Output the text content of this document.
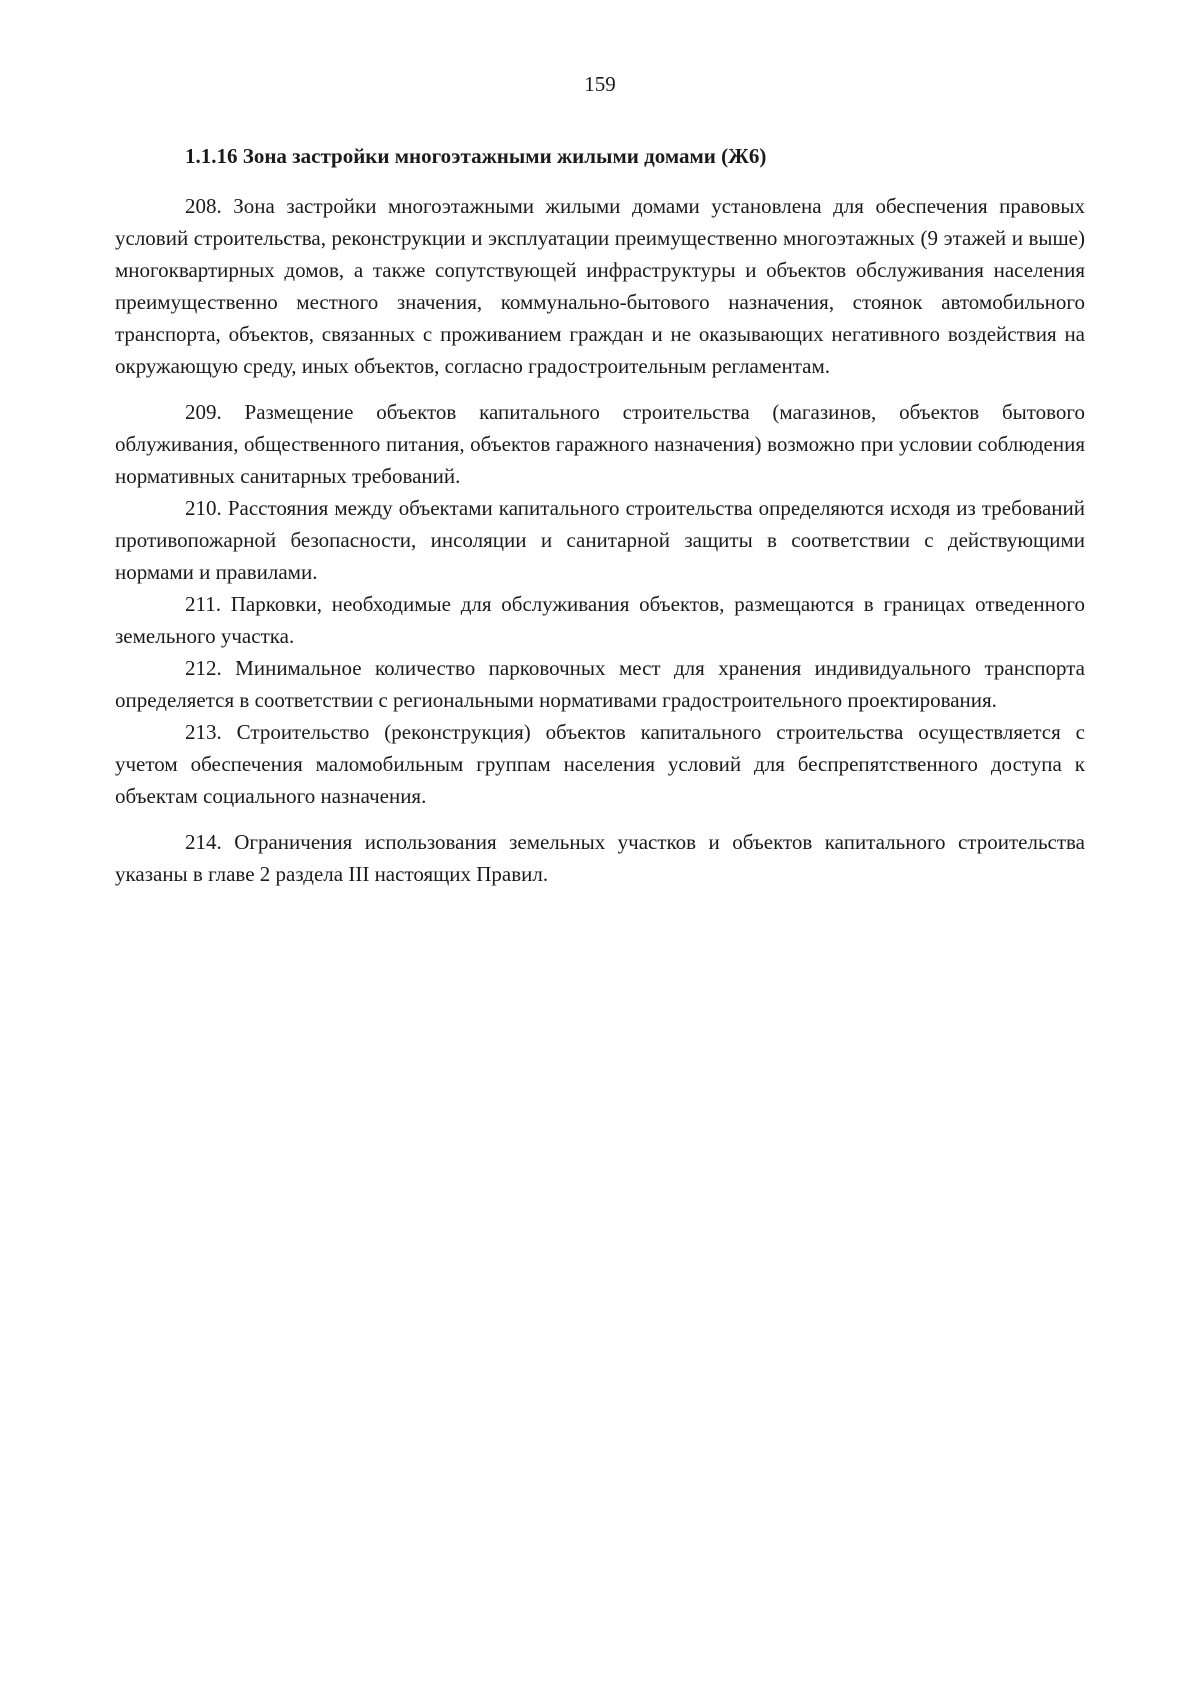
159

1.1.16 Зона застройки многоэтажными жилыми домами (Ж6)

208. Зона застройки многоэтажными жилыми домами установлена для обеспечения правовых условий строительства, реконструкции и эксплуатации преимущественно многоэтажных (9 этажей и выше) многоквартирных домов, а также сопутствующей инфраструктуры и объектов обслуживания населения преимущественно местного значения, коммунально-бытового назначения, стоянок автомобильного транспорта, объектов, связанных с проживанием граждан и не оказывающих негативного воздействия на окружающую среду, иных объектов, согласно градостроительным регламентам.

209. Размещение объектов капитального строительства (магазинов, объектов бытового облуживания, общественного питания, объектов гаражного назначения) возможно при условии соблюдения нормативных санитарных требований.

210. Расстояния между объектами капитального строительства определяются исходя из требований противопожарной безопасности, инсоляции и санитарной защиты в соответствии с действующими нормами и правилами.

211. Парковки, необходимые для обслуживания объектов, размещаются в границах отведенного земельного участка.

212. Минимальное количество парковочных мест для хранения индивидуального транспорта определяется в соответствии с региональными нормативами градостроительного проектирования.

213. Строительство (реконструкция) объектов капитального строительства осуществляется с учетом обеспечения маломобильным группам населения условий для беспрепятственного доступа к объектам социального назначения.

214. Ограничения использования земельных участков и объектов капитального строительства указаны в главе 2 раздела III настоящих Правил.
